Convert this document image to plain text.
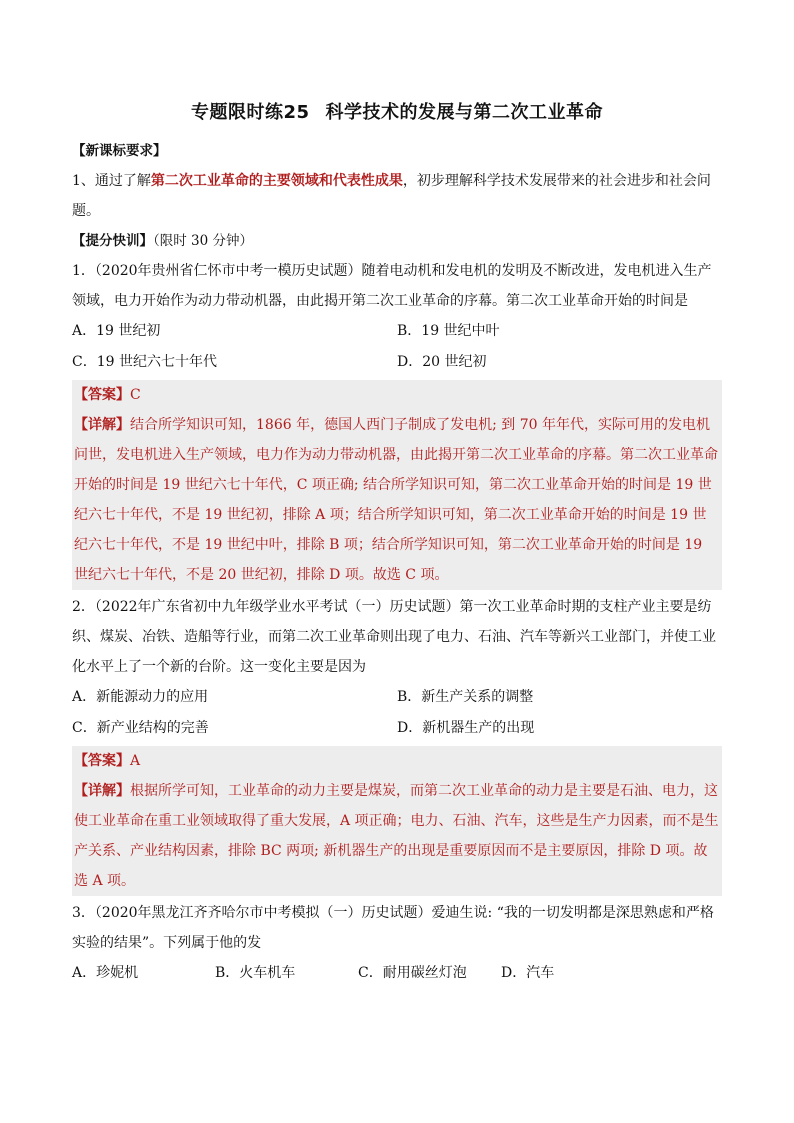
专题限时练25 科学技术的发展与第二次工业革命
【新课标要求】
1、通过了解第二次工业革命的主要领域和代表性成果，初步理解科学技术发展带来的社会进步和社会问题。
【提分快训】（限时 30 分钟）
1．（2020年贵州省仁怀市中考一模历史试题）随着电动机和发电机的发明及不断改进，发电机进入生产领域，电力开始作为动力带动机器，由此揭开第二次工业革命的序幕。第二次工业革命开始的时间是
A．19 世纪初	B．19 世纪中叶
C．19 世纪六七十年代	D．20 世纪初
【答案】C
【详解】结合所学知识可知，1866 年，德国人西门子制成了发电机; 到 70 年年代，实际可用的发电机问世，发电机进入生产领域，电力作为动力带动机器，由此揭开第二次工业革命的序幕。第二次工业革命开始的时间是 19 世纪六七十年代，C 项正确; 结合所学知识可知，第二次工业革命开始的时间是 19 世纪六七十年代，不是 19 世纪初，排除 A 项；结合所学知识可知，第二次工业革命开始的时间是 19 世纪六七十年代，不是 19 世纪中叶，排除 B 项；结合所学知识可知，第二次工业革命开始的时间是 19 世纪六七十年代，不是 20 世纪初，排除 D 项。故选 C 项。
2．（2022年广东省初中九年级学业水平考试（一）历史试题）第一次工业革命时期的支柱产业主要是纺织、煤炭、冶铁、造船等行业，而第二次工业革命则出现了电力、石油、汽车等新兴工业部门，并使工业化水平上了一个新的台阶。这一变化主要是因为
A．新能源动力的应用	B．新生产关系的调整
C．新产业结构的完善	D．新机器生产的出现
【答案】A
【详解】根据所学可知，工业革命的动力主要是煤炭，而第二次工业革命的动力是主要是石油、电力，这使工业革命在重工业领域取得了重大发展，A 项正确；电力、石油、汽车，这些是生产力因素，而不是生产关系、产业结构因素，排除 BC 两项; 新机器生产的出现是重要原因而不是主要原因，排除 D 项。故选 A 项。
3．（2020年黑龙江齐齐哈尔市中考模拟（一）历史试题）爱迪生说: “我的一切发明都是深思熟虑和严格实验的结果”。下列属于他的发
A．珍妮机	B．火车机车	C．耐用碳丝灯泡	D．汽车
